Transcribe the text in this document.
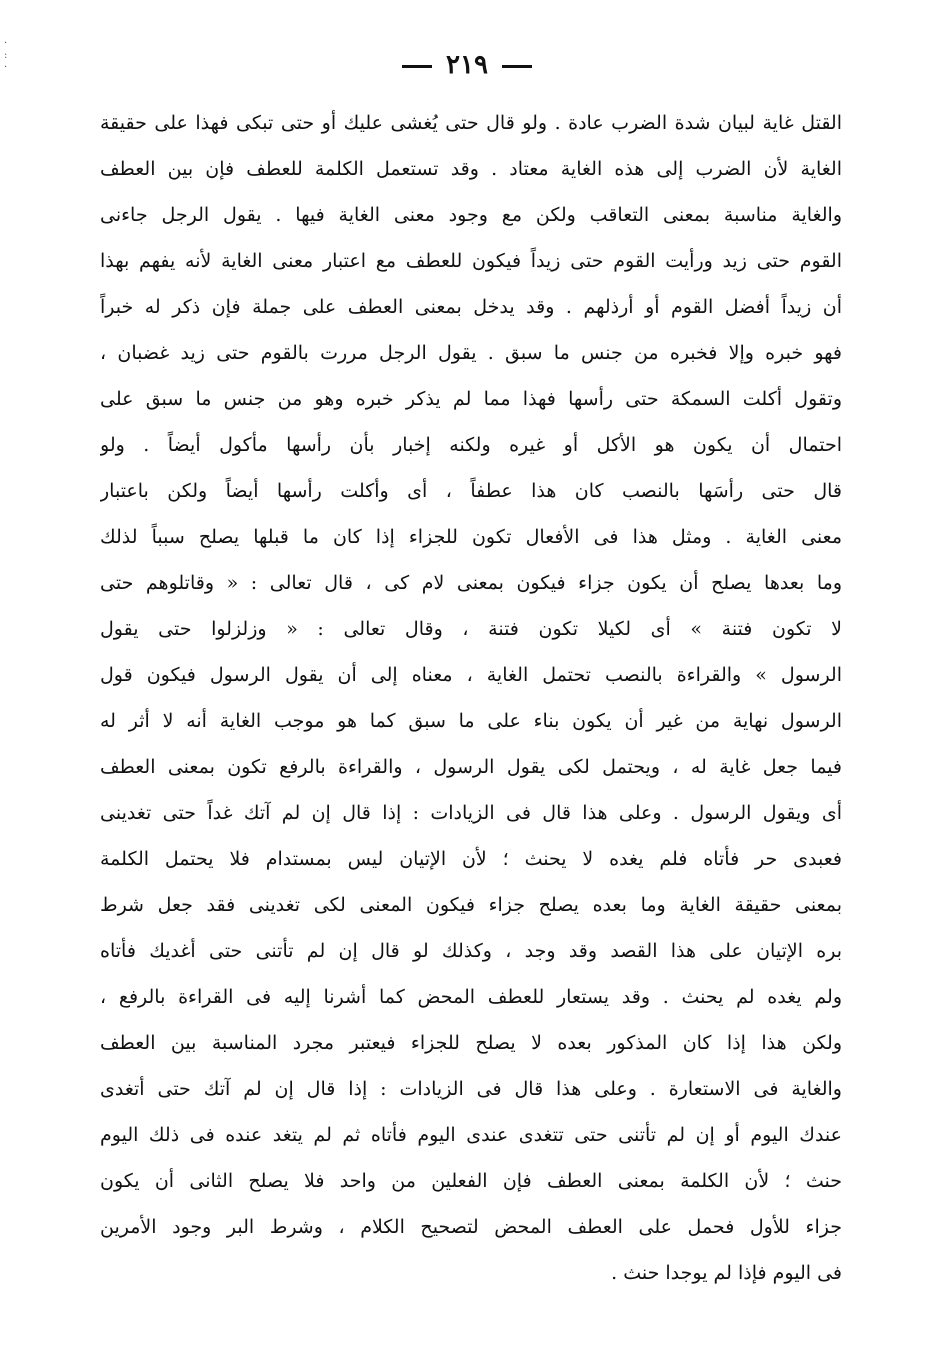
٢١٩
·
:
·
القتل غاية لبيان شدة الضرب عادة . ولو قال حتى يُغشى عليك أو حتى تبكى فهذا على حقيقة
الغاية لأن الضرب إلى هذه الغاية معتاد . وقد تستعمل الكلمة للعطف فإن بين العطف
والغاية مناسبة بمعنى التعاقب ولكن مع وجود معنى الغاية فيها . يقول الرجل جاءنى
القوم حتى زيد ورأيت القوم حتى زيداً فيكون للعطف مع اعتبار معنى الغاية لأنه يفهم بهذا
أن زيداً أفضل القوم أو أرذلهم . وقد يدخل بمعنى العطف على جملة فإن ذكر له خبراً
فهو خبره وإلا فخبره من جنس ما سبق . يقول الرجل مررت بالقوم حتى زيد غضبان ،
وتقول أكلت السمكة حتى رأسها فهذا مما لم يذكر خبره وهو من جنس ما سبق على
احتمال أن يكون هو الأكل أو غيره ولكنه إخبار بأن رأسها مأكول أيضاً . ولو
قال حتى رأسَها بالنصب كان هذا عطفاً ، أى وأكلت رأسها أيضاً ولكن باعتبار
معنى الغاية . ومثل هذا فى الأفعال تكون للجزاء إذا كان ما قبلها يصلح سبباً لذلك
وما بعدها يصلح أن يكون جزاء فيكون بمعنى لام كى ، قال تعالى : « وقاتلوهم حتى
لا تكون فتنة » أى لكيلا تكون فتنة ، وقال تعالى : « وزلزلوا حتى يقول
الرسول » والقراءة بالنصب تحتمل الغاية ، معناه إلى أن يقول الرسول فيكون قول
الرسول نهاية من غير أن يكون بناء على ما سبق كما هو موجب الغاية أنه لا أثر له
فيما جعل غاية له ، ويحتمل لكى يقول الرسول ، والقراءة بالرفع تكون بمعنى العطف
أى ويقول الرسول . وعلى هذا قال فى الزيادات : إذا قال إن لم آتك غداً حتى تغدينى
فعبدى حر فأتاه فلم يغده لا يحنث ؛ لأن الإتيان ليس بمستدام فلا يحتمل الكلمة
بمعنى حقيقة الغاية وما بعده يصلح جزاء فيكون المعنى لكى تغدينى فقد جعل شرط
بره الإتيان على هذا القصد وقد وجد ، وكذلك لو قال إن لم تأتنى حتى أغديك فأتاه
ولم يغده لم يحنث . وقد يستعار للعطف المحض كما أشرنا إليه فى القراءة بالرفع ،
ولكن هذا إذا كان المذكور بعده لا يصلح للجزاء فيعتبر مجرد المناسبة بين العطف
والغاية فى الاستعارة . وعلى هذا قال فى الزيادات : إذا قال إن لم آتك حتى أتغدى
عندك اليوم أو إن لم تأتنى حتى تتغدى عندى اليوم فأتاه ثم لم يتغد عنده فى ذلك اليوم
حنث ؛ لأن الكلمة بمعنى العطف فإن الفعلين من واحد فلا يصلح الثانى أن يكون
جزاء للأول فحمل على العطف المحض لتصحيح الكلام ، وشرط البر وجود الأمرين
فى اليوم فإذا لم يوجدا حنث .
